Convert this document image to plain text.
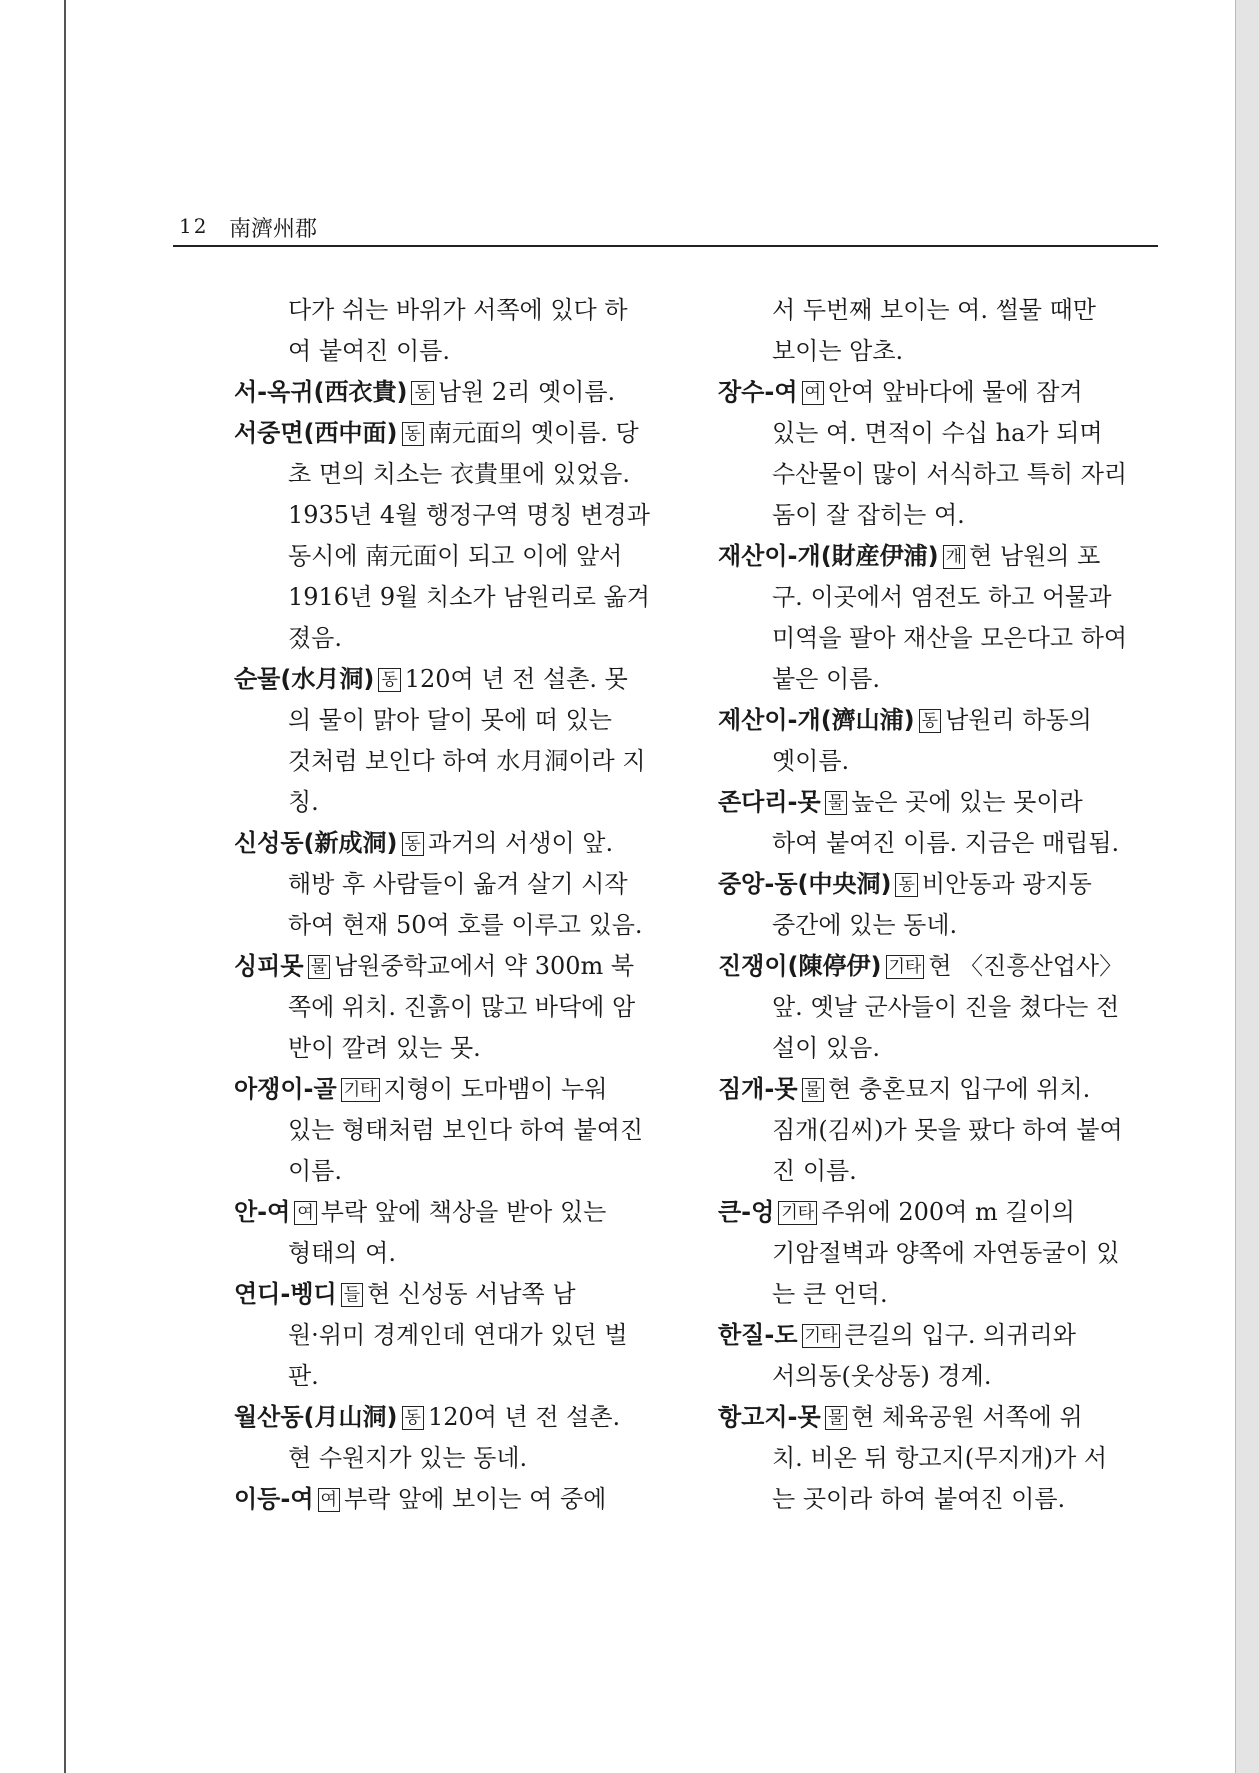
12 南濟州郡
다가 쉬는 바위가 서쪽에 있다 하
여 붙여진 이름.
서-옥귀(西衣貴) 동 남원 2리 옛이름.
서중면(西中面) 동 南元面의 옛이름. 당
초 면의 치소는 衣貴里에 있었음.
1935년 4월 행정구역 명칭 변경과
동시에 南元面이 되고 이에 앞서
1916년 9월 치소가 남원리로 옮겨
졌음.
순물(水月洞) 동 120여 년 전 설촌. 못
의 물이 맑아 달이 못에 떠 있는
것처럼 보인다 하여 水月洞이라 지
칭.
신성동(新成洞) 동 과거의 서생이 앞.
해방 후 사람들이 옮겨 살기 시작
하여 현재 50여 호를 이루고 있음.
싱피못 물 남원중학교에서 약 300m 북
쪽에 위치. 진흙이 많고 바닥에 암
반이 깔려 있는 못.
아쟁이-골 기타 지형이 도마뱀이 누워
있는 형태처럼 보인다 하여 붙여진
이름.
안-여 여 부락 앞에 책상을 받아 있는
형태의 여.
연디-벵디 들 현 신성동 서남쪽 남
원·위미 경계인데 연대가 있던 벌
판.
월산동(月山洞) 동 120여 년 전 설촌.
현 수원지가 있는 동네.
이등-여 여 부락 앞에 보이는 여 중에
서 두번째 보이는 여. 썰물 때만
보이는 암초.
장수-여 여 안여 앞바다에 물에 잠겨
있는 여. 면적이 수십 ha가 되며
수산물이 많이 서식하고 특히 자리
돔이 잘 잡히는 여.
재산이-개(財産伊浦) 개 현 남원의 포
구. 이곳에서 염전도 하고 어물과
미역을 팔아 재산을 모은다고 하여
붙은 이름.
제산이-개(濟山浦) 동 남원리 하동의
옛이름.
존다리-못 물 높은 곳에 있는 못이라
하여 붙여진 이름. 지금은 매립됨.
중앙-동(中央洞) 동 비안동과 광지동
중간에 있는 동네.
진쟁이(陳停伊) 기타 현 〈진흥산업사〉
앞. 옛날 군사들이 진을 쳤다는 전
설이 있음.
짐개-못 물 현 충혼묘지 입구에 위치.
짐개(김씨)가 못을 팠다 하여 붙여
진 이름.
큰-엉 기타 주위에 200여 m 길이의
기암절벽과 양쪽에 자연동굴이 있
는 큰 언덕.
한질-도 기타 큰길의 입구. 의귀리와
서의동(웃상동) 경계.
항고지-못 물 현 체육공원 서쪽에 위
치. 비온 뒤 항고지(무지개)가 서
는 곳이라 하여 붙여진 이름.
